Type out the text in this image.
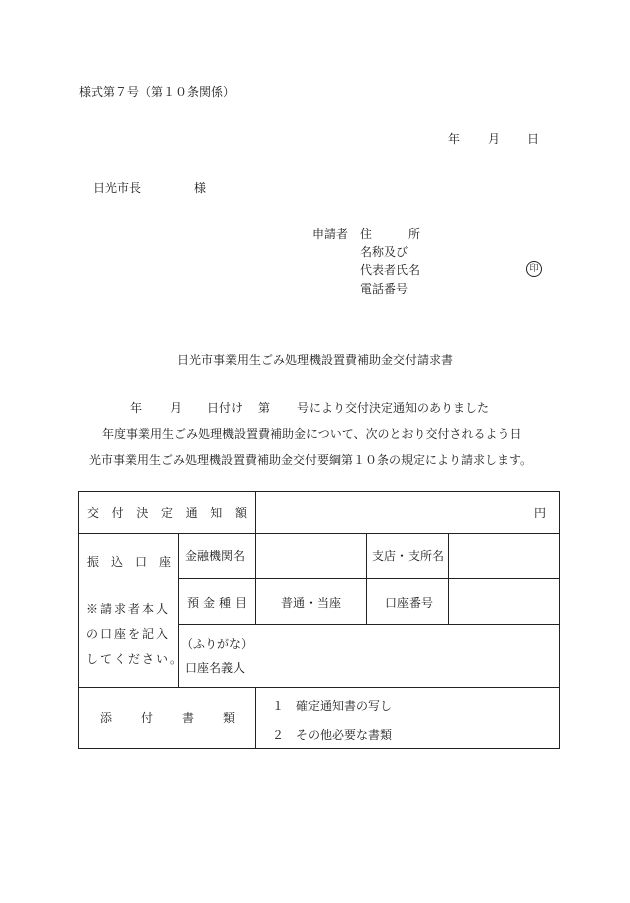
様式第７号（第１０条関係）
年 月 日
日光市長	様
申請者 住	所
名称及び
代表者氏名	印
電話番号
日光市事業用生ごみ処理機設置費補助金交付請求書
年 月 日付け 第 号により交付決定通知のありました
年度事業用生ごみ処理機設置費補助金について、次のとおり交付されるよう日
光市事業用生ごみ処理機設置費補助金交付要綱第１０条の規定により請求します。
交 付 決 定 通 知 額	円
振 込 口 座
※請求者本人
の口座を記入
してください。
金融機関名	支店・支所名
預 金 種 目	普通・当座	口座番号
（ふりがな）
口座名義人
添 付 書 類
１ 確定通知書の写し
２ その他必要な書類
